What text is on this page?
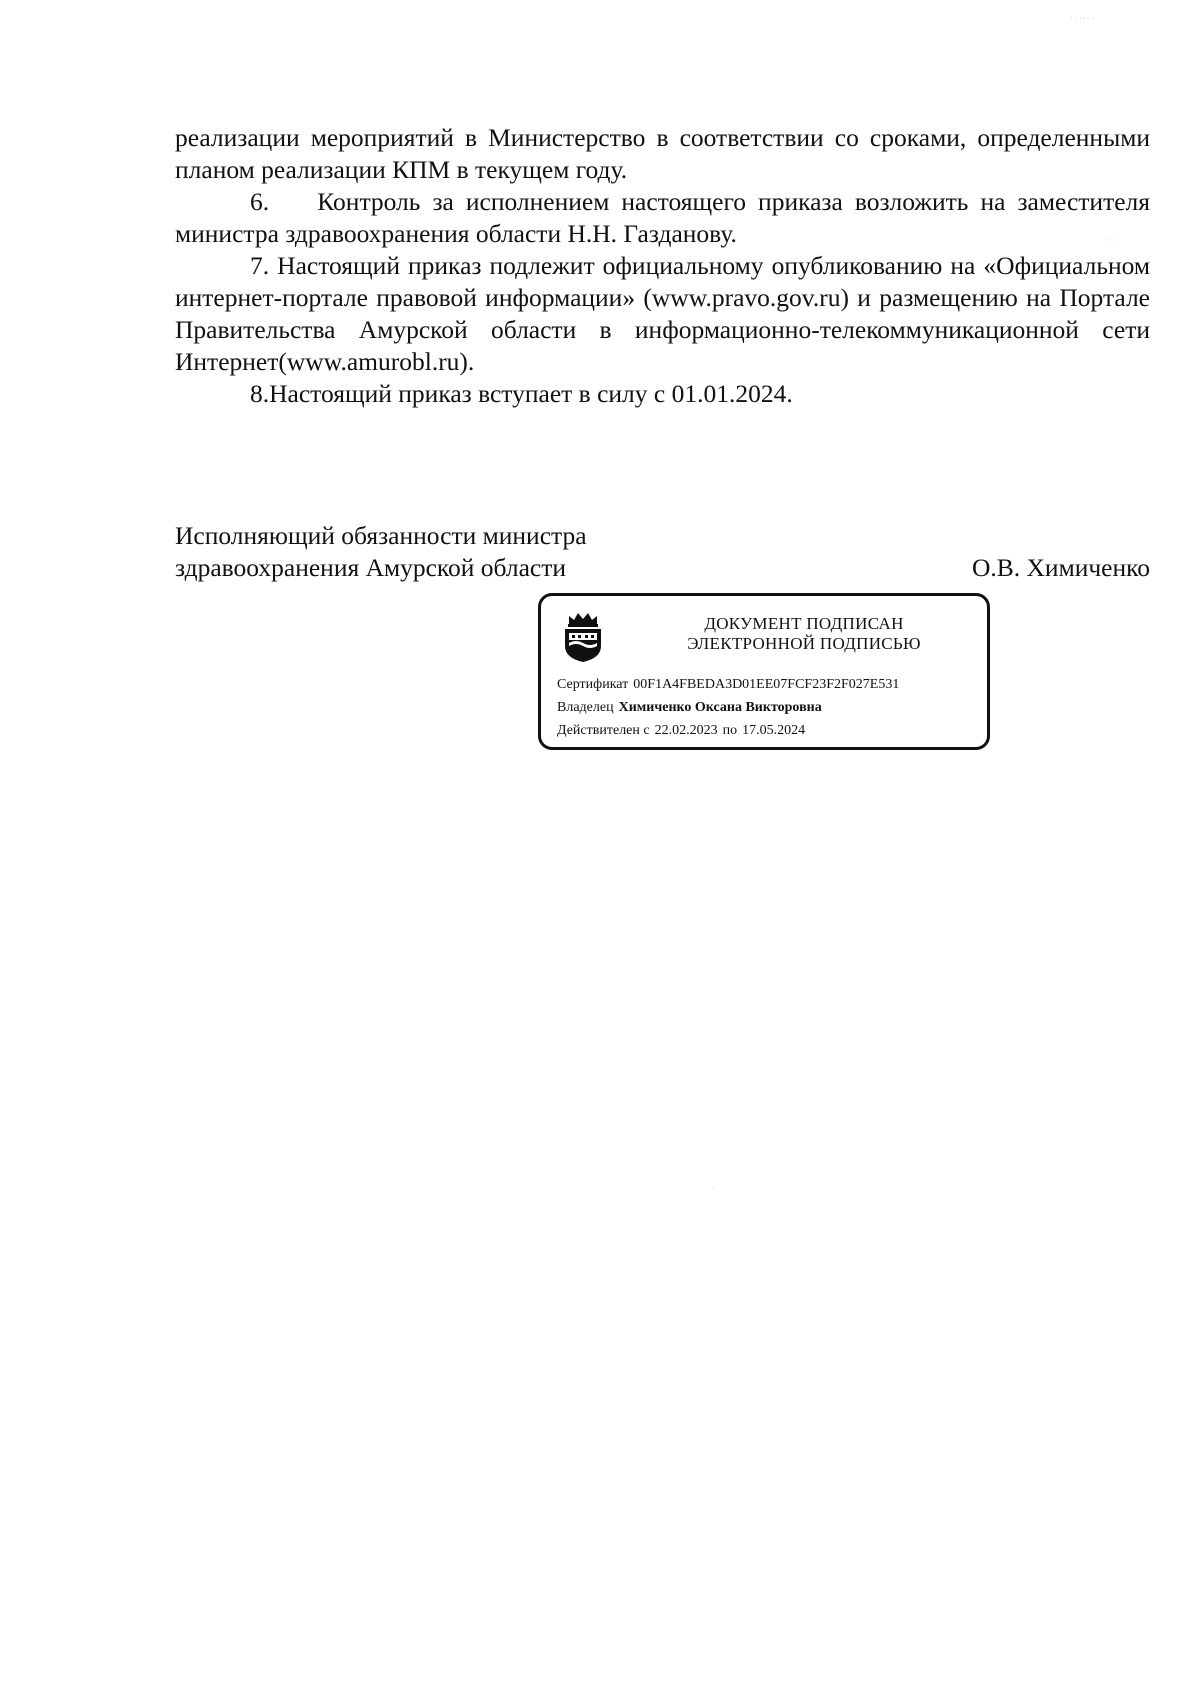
реализации мероприятий в Министерство в соответствии со сроками, определенными планом реализации КПМ в текущем году.

6.    Контроль за исполнением настоящего приказа возложить на заместителя министра здравоохранения области Н.Н. Газданову.

7. Настоящий приказ подлежит официальному опубликованию на «Официальном интернет-портале правовой информации» (www.pravo.gov.ru) и размещению на Портале Правительства Амурской области в информационно-телекоммуникационной сети Интернет(www.amurobl.ru).

8.Настоящий приказ вступает в силу с 01.01.2024.

Исполняющий обязанности министра
здравоохранения Амурской области	О.В. Химиченко
ДОКУМЕНТ ПОДПИСАН
ЭЛЕКТРОННОЙ ПОДПИСЬЮ
Сертификат 00F1A4FBEDA3D01EE07FCF23F2F027E531
Владелец Химиченко Оксана Викторовна
Действителен с 22.02.2023 по 17.05.2024
· · ·· · ·
· ·
·
